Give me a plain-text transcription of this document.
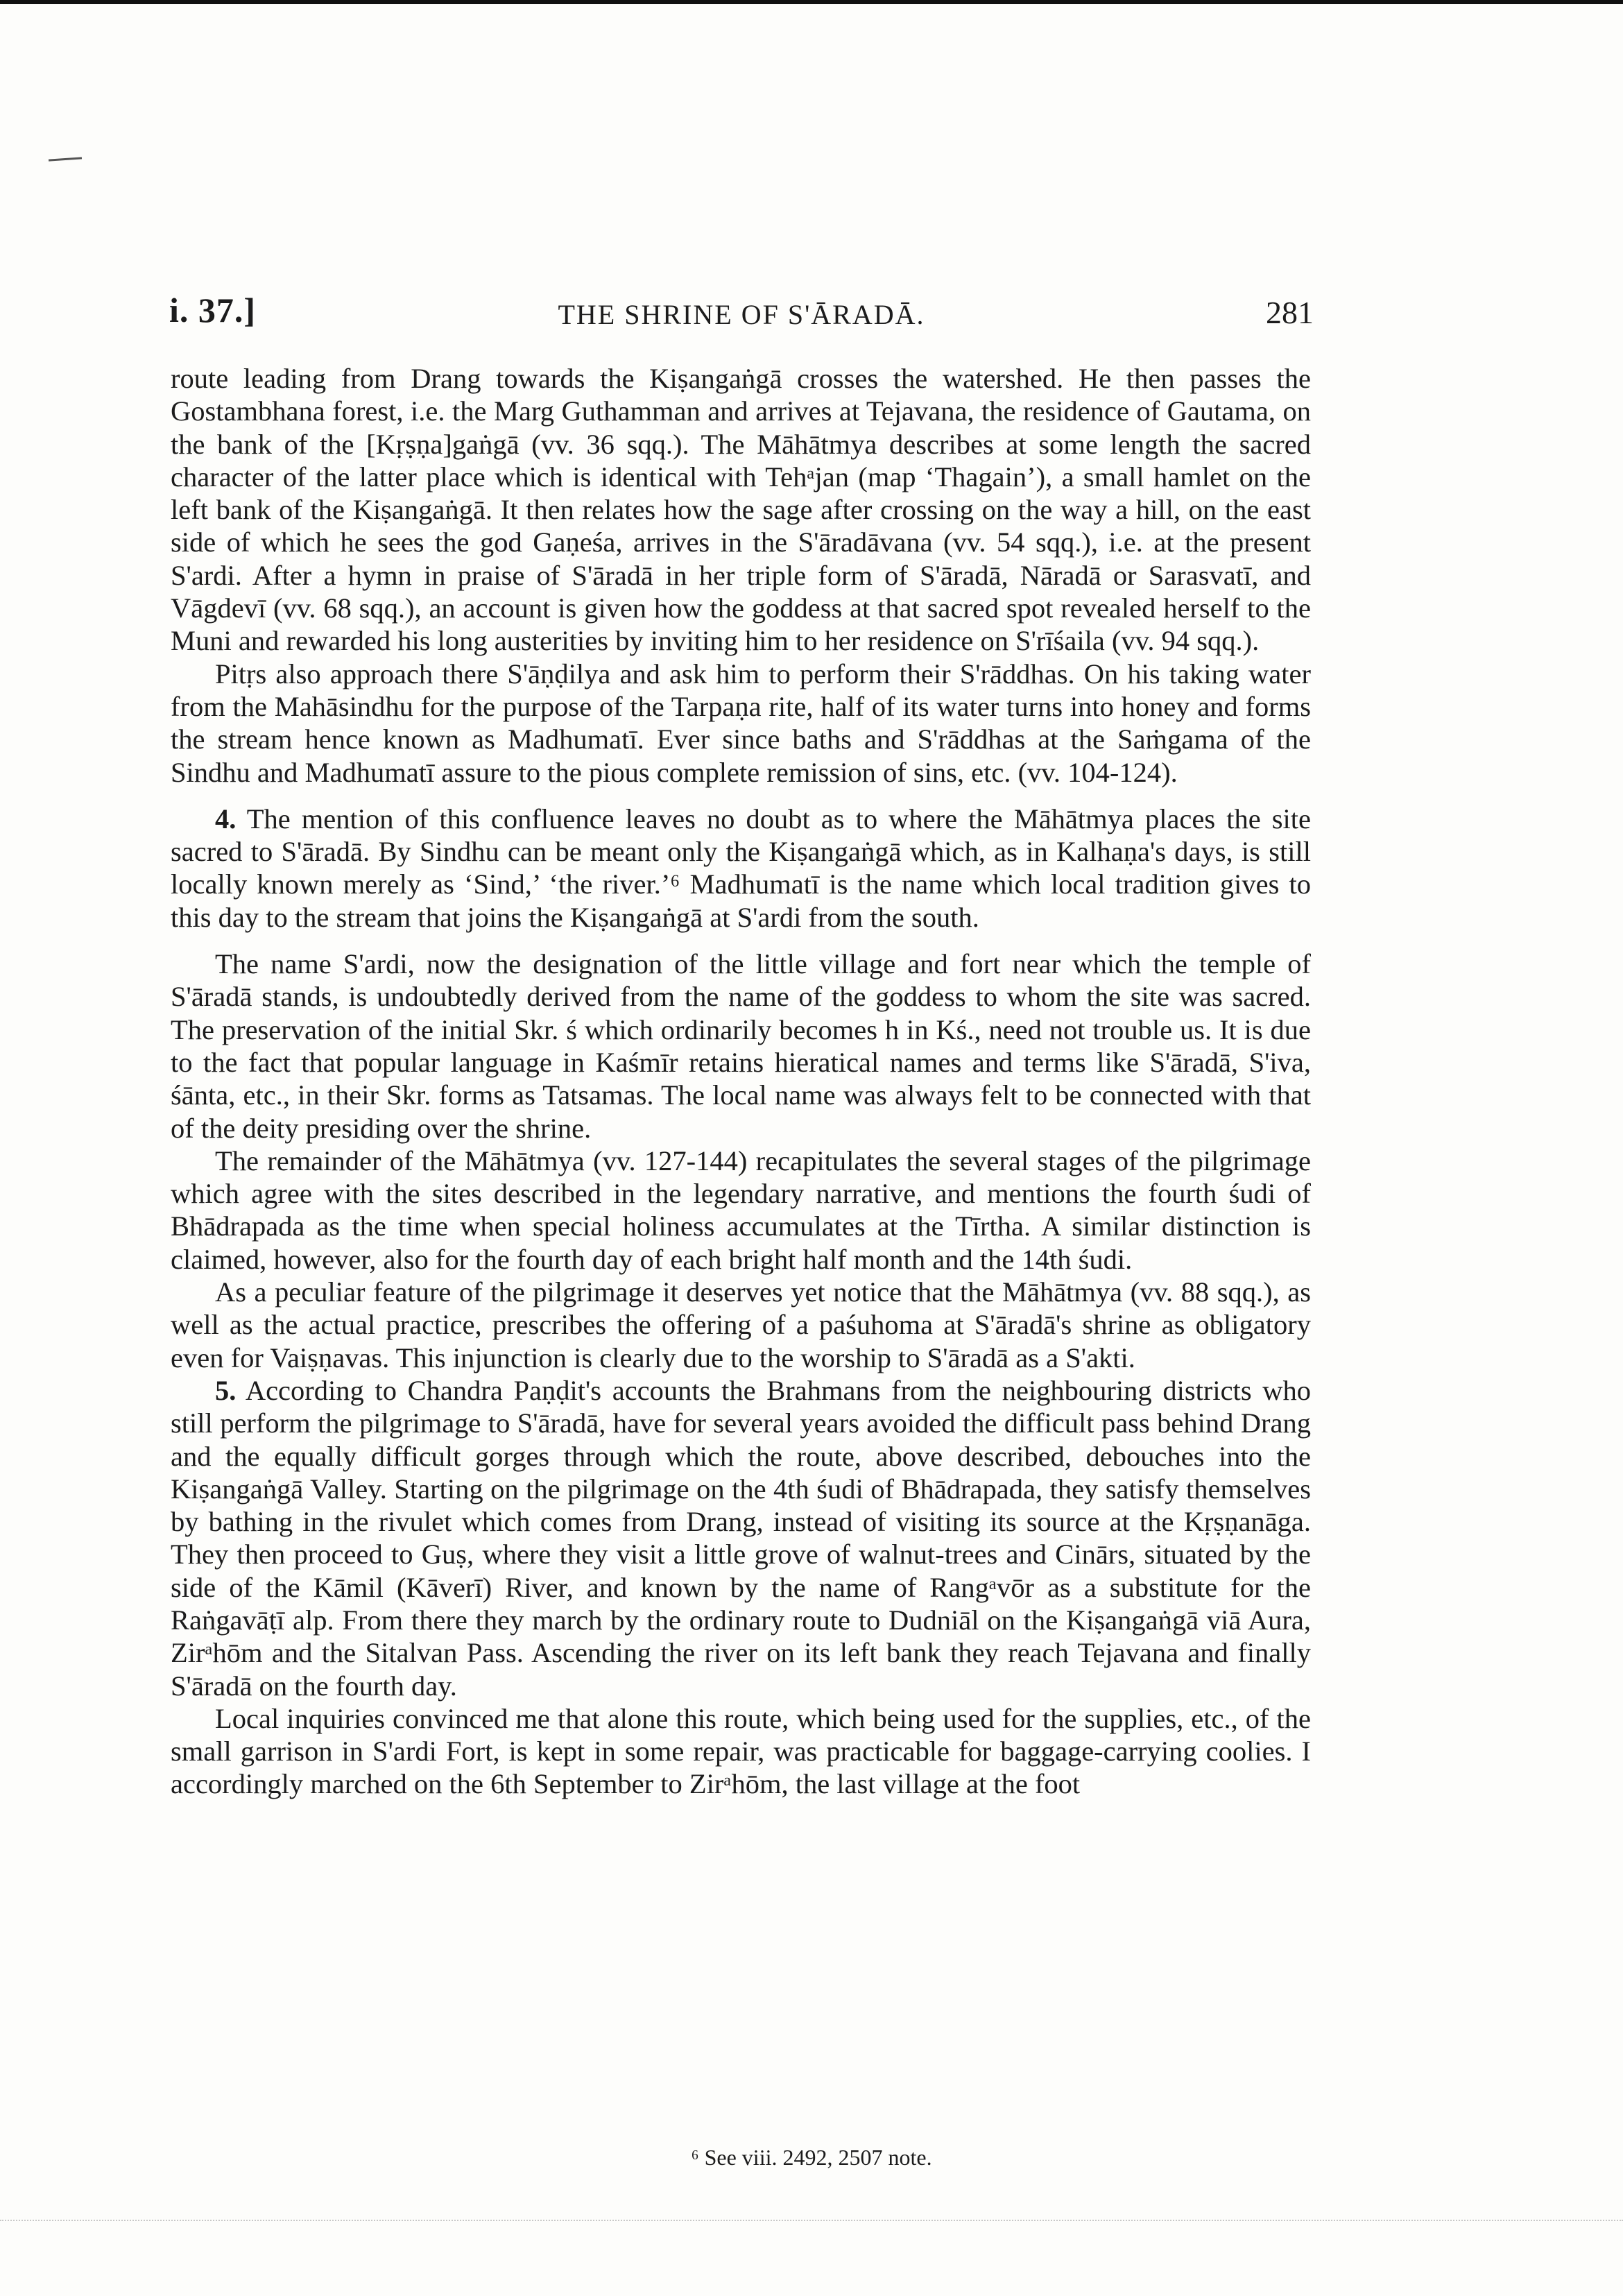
i. 37.]	THE SHRINE OF S'ĀRADĀ.	281

route leading from Drang towards the Kiṣangaṅgā crosses the watershed. He then passes the Gostambhana forest, i.e. the Marg Guthamman and arrives at Tejavana, the residence of Gautama, on the bank of the [Kṛṣṇa]gaṅgā (vv. 36 sqq.). The Māhātmya describes at some length the sacred character of the latter place which is identical with Tehᵃjan (map ‘Thagain’), a small hamlet on the left bank of the Kiṣangaṅgā. It then relates how the sage after crossing on the way a hill, on the east side of which he sees the god Gaṇeśa, arrives in the S'āradāvana (vv. 54 sqq.), i.e. at the present S'ardi. After a hymn in praise of S'āradā in her triple form of S'āradā, Nāradā or Sarasvatī, and Vāgdevī (vv. 68 sqq.), an account is given how the goddess at that sacred spot revealed herself to the Muni and rewarded his long austerities by inviting him to her residence on S'rīśaila (vv. 94 sqq.).

Pitṛs also approach there S'āṇḍilya and ask him to perform their S'rāddhas. On his taking water from the Mahāsindhu for the purpose of the Tarpaṇa rite, half of its water turns into honey and forms the stream hence known as Madhumatī. Ever since baths and S'rāddhas at the Saṁgama of the Sindhu and Madhumatī assure to the pious complete remission of sins, etc. (vv. 104-124).

4. The mention of this confluence leaves no doubt as to where the Māhātmya places the site sacred to S'āradā. By Sindhu can be meant only the Kiṣangaṅgā which, as in Kalhaṇa's days, is still locally known merely as ‘Sind,’ ‘the river.’⁶ Madhumatī is the name which local tradition gives to this day to the stream that joins the Kiṣangaṅgā at S'ardi from the south.

The name S'ardi, now the designation of the little village and fort near which the temple of S'āradā stands, is undoubtedly derived from the name of the goddess to whom the site was sacred. The preservation of the initial Skr. ś which ordinarily becomes h in Kś., need not trouble us. It is due to the fact that popular language in Kaśmīr retains hieratical names and terms like S'āradā, S'iva, śānta, etc., in their Skr. forms as Tatsamas. The local name was always felt to be connected with that of the deity presiding over the shrine.

The remainder of the Māhātmya (vv. 127-144) recapitulates the several stages of the pilgrimage which agree with the sites described in the legendary narrative, and mentions the fourth śudi of Bhādrapada as the time when special holiness accumulates at the Tīrtha. A similar distinction is claimed, however, also for the fourth day of each bright half month and the 14th śudi.

As a peculiar feature of the pilgrimage it deserves yet notice that the Māhātmya (vv. 88 sqq.), as well as the actual practice, prescribes the offering of a paśuhoma at S'āradā's shrine as obligatory even for Vaiṣṇavas. This injunction is clearly due to the worship to S'āradā as a S'akti.

5. According to Chandra Paṇḍit's accounts the Brahmans from the neighbouring districts who still perform the pilgrimage to S'āradā, have for several years avoided the difficult pass behind Drang and the equally difficult gorges through which the route, above described, debouches into the Kiṣangaṅgā Valley. Starting on the pilgrimage on the 4th śudi of Bhādrapada, they satisfy themselves by bathing in the rivulet which comes from Drang, instead of visiting its source at the Kṛṣṇanāga. They then proceed to Guṣ, where they visit a little grove of walnut-trees and Cinārs, situated by the side of the Kāmil (Kāverī) River, and known by the name of Rangᵃvōr as a substitute for the Raṅgavāṭī alp. From there they march by the ordinary route to Dudniāl on the Kiṣangaṅgā viā Aura, Zirᵃhōm and the Sitalvan Pass. Ascending the river on its left bank they reach Tejavana and finally S'āradā on the fourth day.

Local inquiries convinced me that alone this route, which being used for the supplies, etc., of the small garrison in S'ardi Fort, is kept in some repair, was practicable for baggage-carrying coolies. I accordingly marched on the 6th September to Zirᵃhōm, the last village at the foot

⁶ See viii. 2492, 2507 note.
